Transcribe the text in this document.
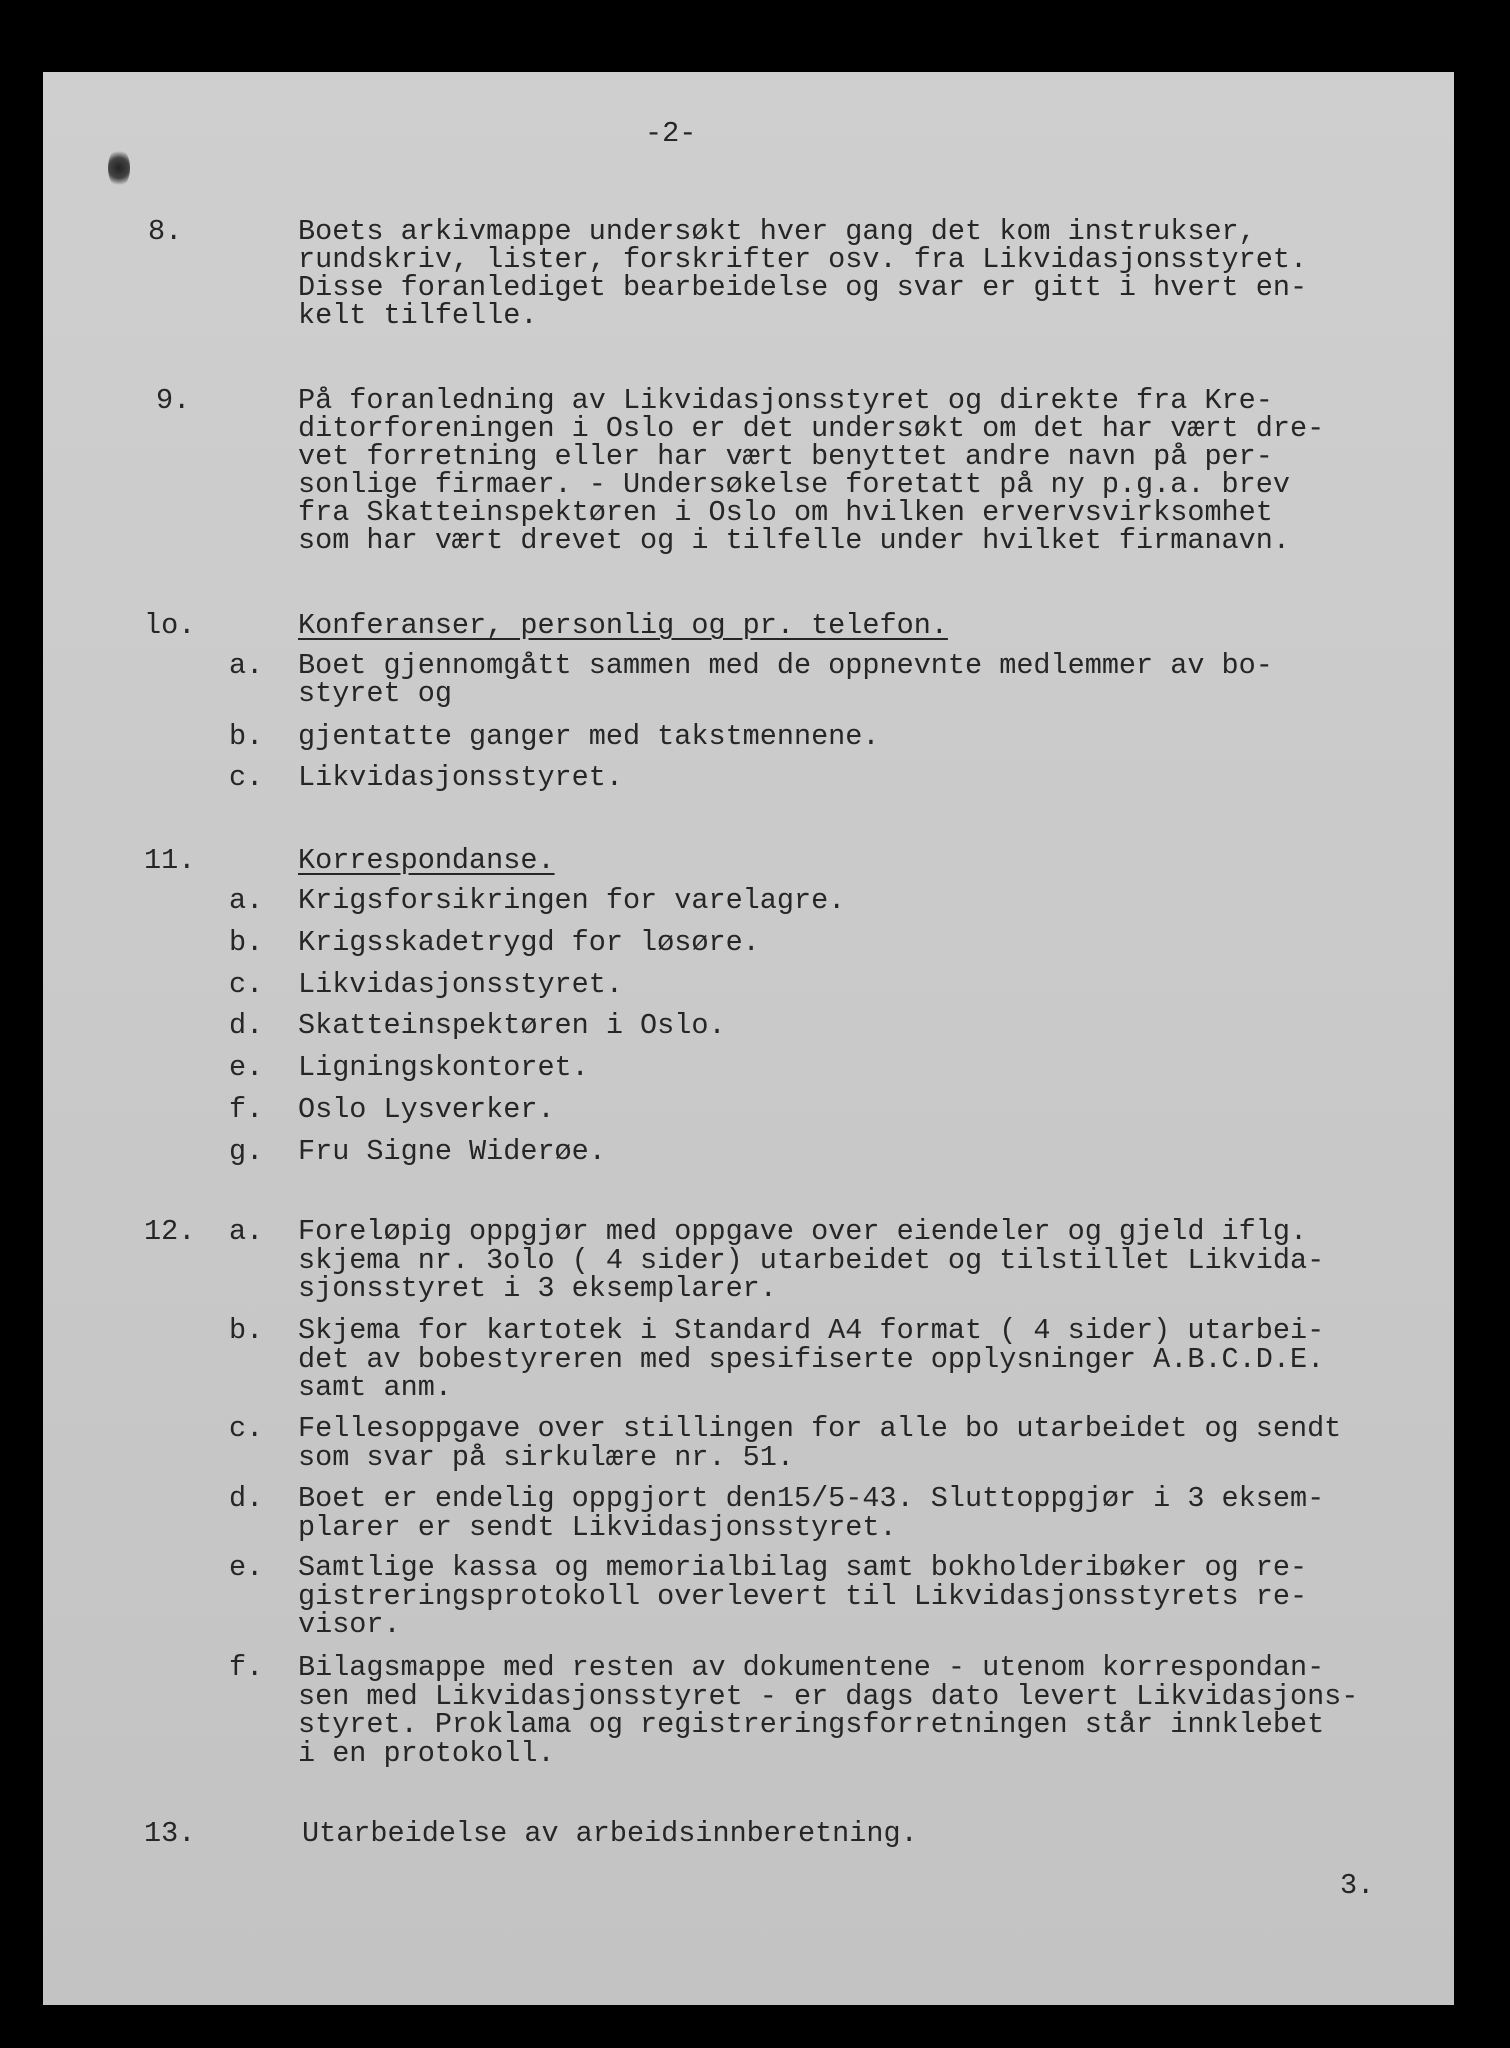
-2-
8.	Boets arkivmappe undersøkt hver gang det kom instrukser,
rundskriv, lister, forskrifter osv. fra Likvidasjonsstyret.
Disse foranlediget bearbeidelse og svar er gitt i hvert en-
kelt tilfelle.
9.	På foranledning av Likvidasjonsstyret og direkte fra Kre-
ditorforeningen i Oslo er det undersøkt om det har vært dre-
vet forretning eller har vært benyttet andre navn på per-
sonlige firmaer. - Undersøkelse foretatt på ny p.g.a. brev
fra Skatteinspektøren i Oslo om hvilken ervervsvirksomhet
som har vært drevet og i tilfelle under hvilket firmanavn.
lo.	Konferanser, personlig og pr. telefon.
a. Boet gjennomgått sammen med de oppnevnte medlemmer av bo-
styret og
b. gjentatte ganger med takstmennene.
c. Likvidasjonsstyret.
11.	Korrespondanse.
a. Krigsforsikringen for varelagre.
b. Krigsskadetrygd for løsøre.
c. Likvidasjonsstyret.
d. Skatteinspektøren i Oslo.
e. Ligningskontoret.
f. Oslo Lysverker.
g. Fru Signe Widerøe.
12. a. Foreløpig oppgjør med oppgave over eiendeler og gjeld iflg.
skjema nr. 3olo ( 4 sider) utarbeidet og tilstillet Likvida-
sjonsstyret i 3 eksemplarer.
b. Skjema for kartotek i Standard A4 format ( 4 sider) utarbei-
det av bobestyreren med spesifiserte opplysninger A.B.C.D.E.
samt anm.
c. Fellesoppgave over stillingen for alle bo utarbeidet og sendt
som svar på sirkulære nr. 51.
d. Boet er endelig oppgjort den15/5-43. Sluttoppgjør i 3 eksem-
plarer er sendt Likvidasjonsstyret.
e. Samtlige kassa og memorialbilag samt bokholderibøker og re-
gistreringsprotokoll overlevert til Likvidasjonsstyrets re-
visor.
f. Bilagsmappe med resten av dokumentene - utenom korrespondan-
sen med Likvidasjonsstyret - er dags dato levert Likvidasjons-
styret. Proklama og registreringsforretningen står innklebet
i en protokoll.
13.	Utarbeidelse av arbeidsinnberetning.
3.
